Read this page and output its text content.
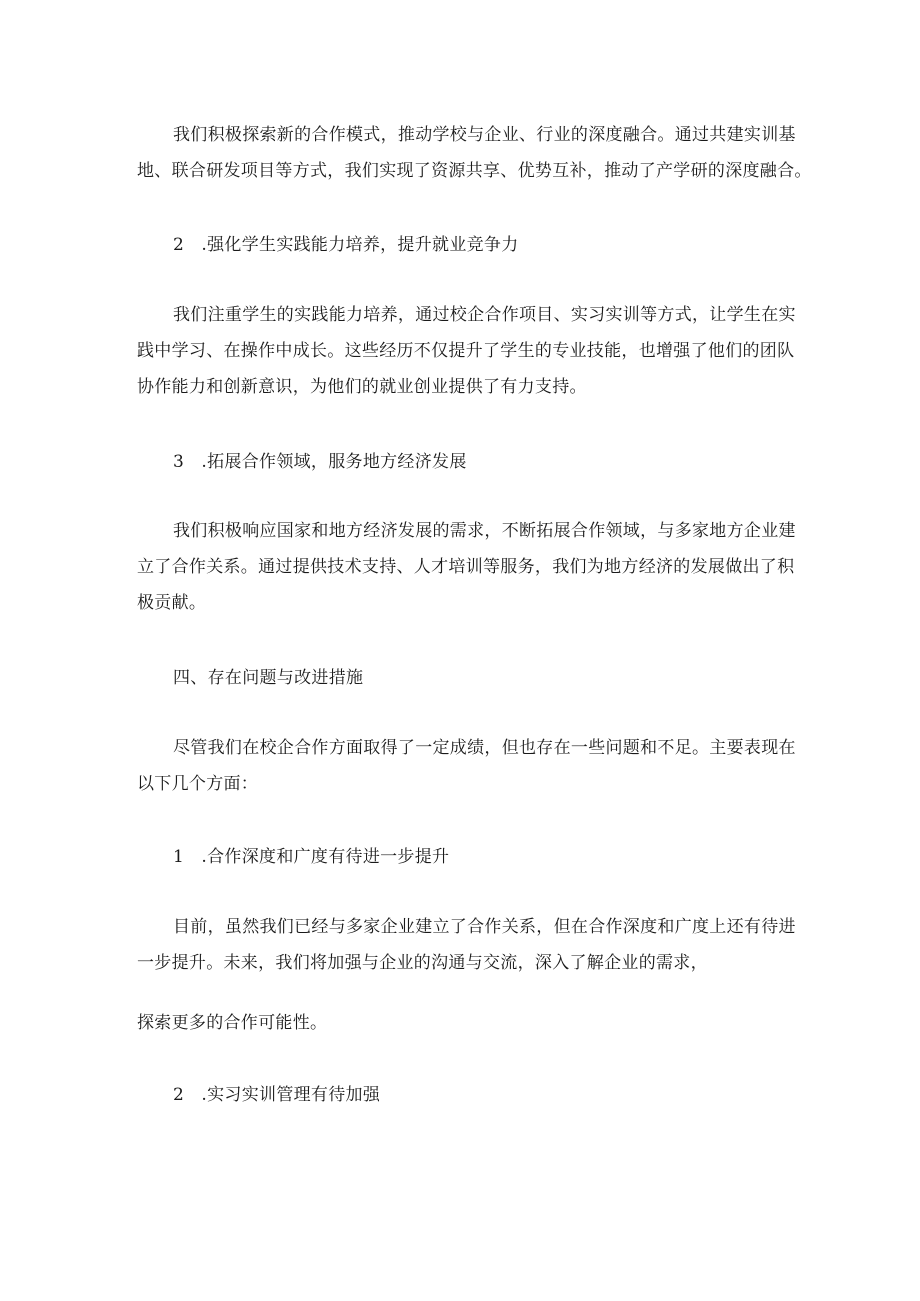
我们积极探索新的合作模式，推动学校与企业、行业的深度融合。通过共建实训基
地、联合研发项目等方式，我们实现了资源共享、优势互补，推动了产学研的深度融合。

2　.强化学生实践能力培养，提升就业竞争力

我们注重学生的实践能力培养，通过校企合作项目、实习实训等方式，让学生在实
践中学习、在操作中成长。这些经历不仅提升了学生的专业技能，也增强了他们的团队
协作能力和创新意识，为他们的就业创业提供了有力支持。

3　.拓展合作领域，服务地方经济发展

我们积极响应国家和地方经济发展的需求，不断拓展合作领域，与多家地方企业建
立了合作关系。通过提供技术支持、人才培训等服务，我们为地方经济的发展做出了积
极贡献。

四、存在问题与改进措施

尽管我们在校企合作方面取得了一定成绩，但也存在一些问题和不足。主要表现在
以下几个方面：

1　.合作深度和广度有待进一步提升

目前，虽然我们已经与多家企业建立了合作关系，但在合作深度和广度上还有待进
一步提升。未来，我们将加强与企业的沟通与交流，深入了解企业的需求，

探索更多的合作可能性。

2　.实习实训管理有待加强
